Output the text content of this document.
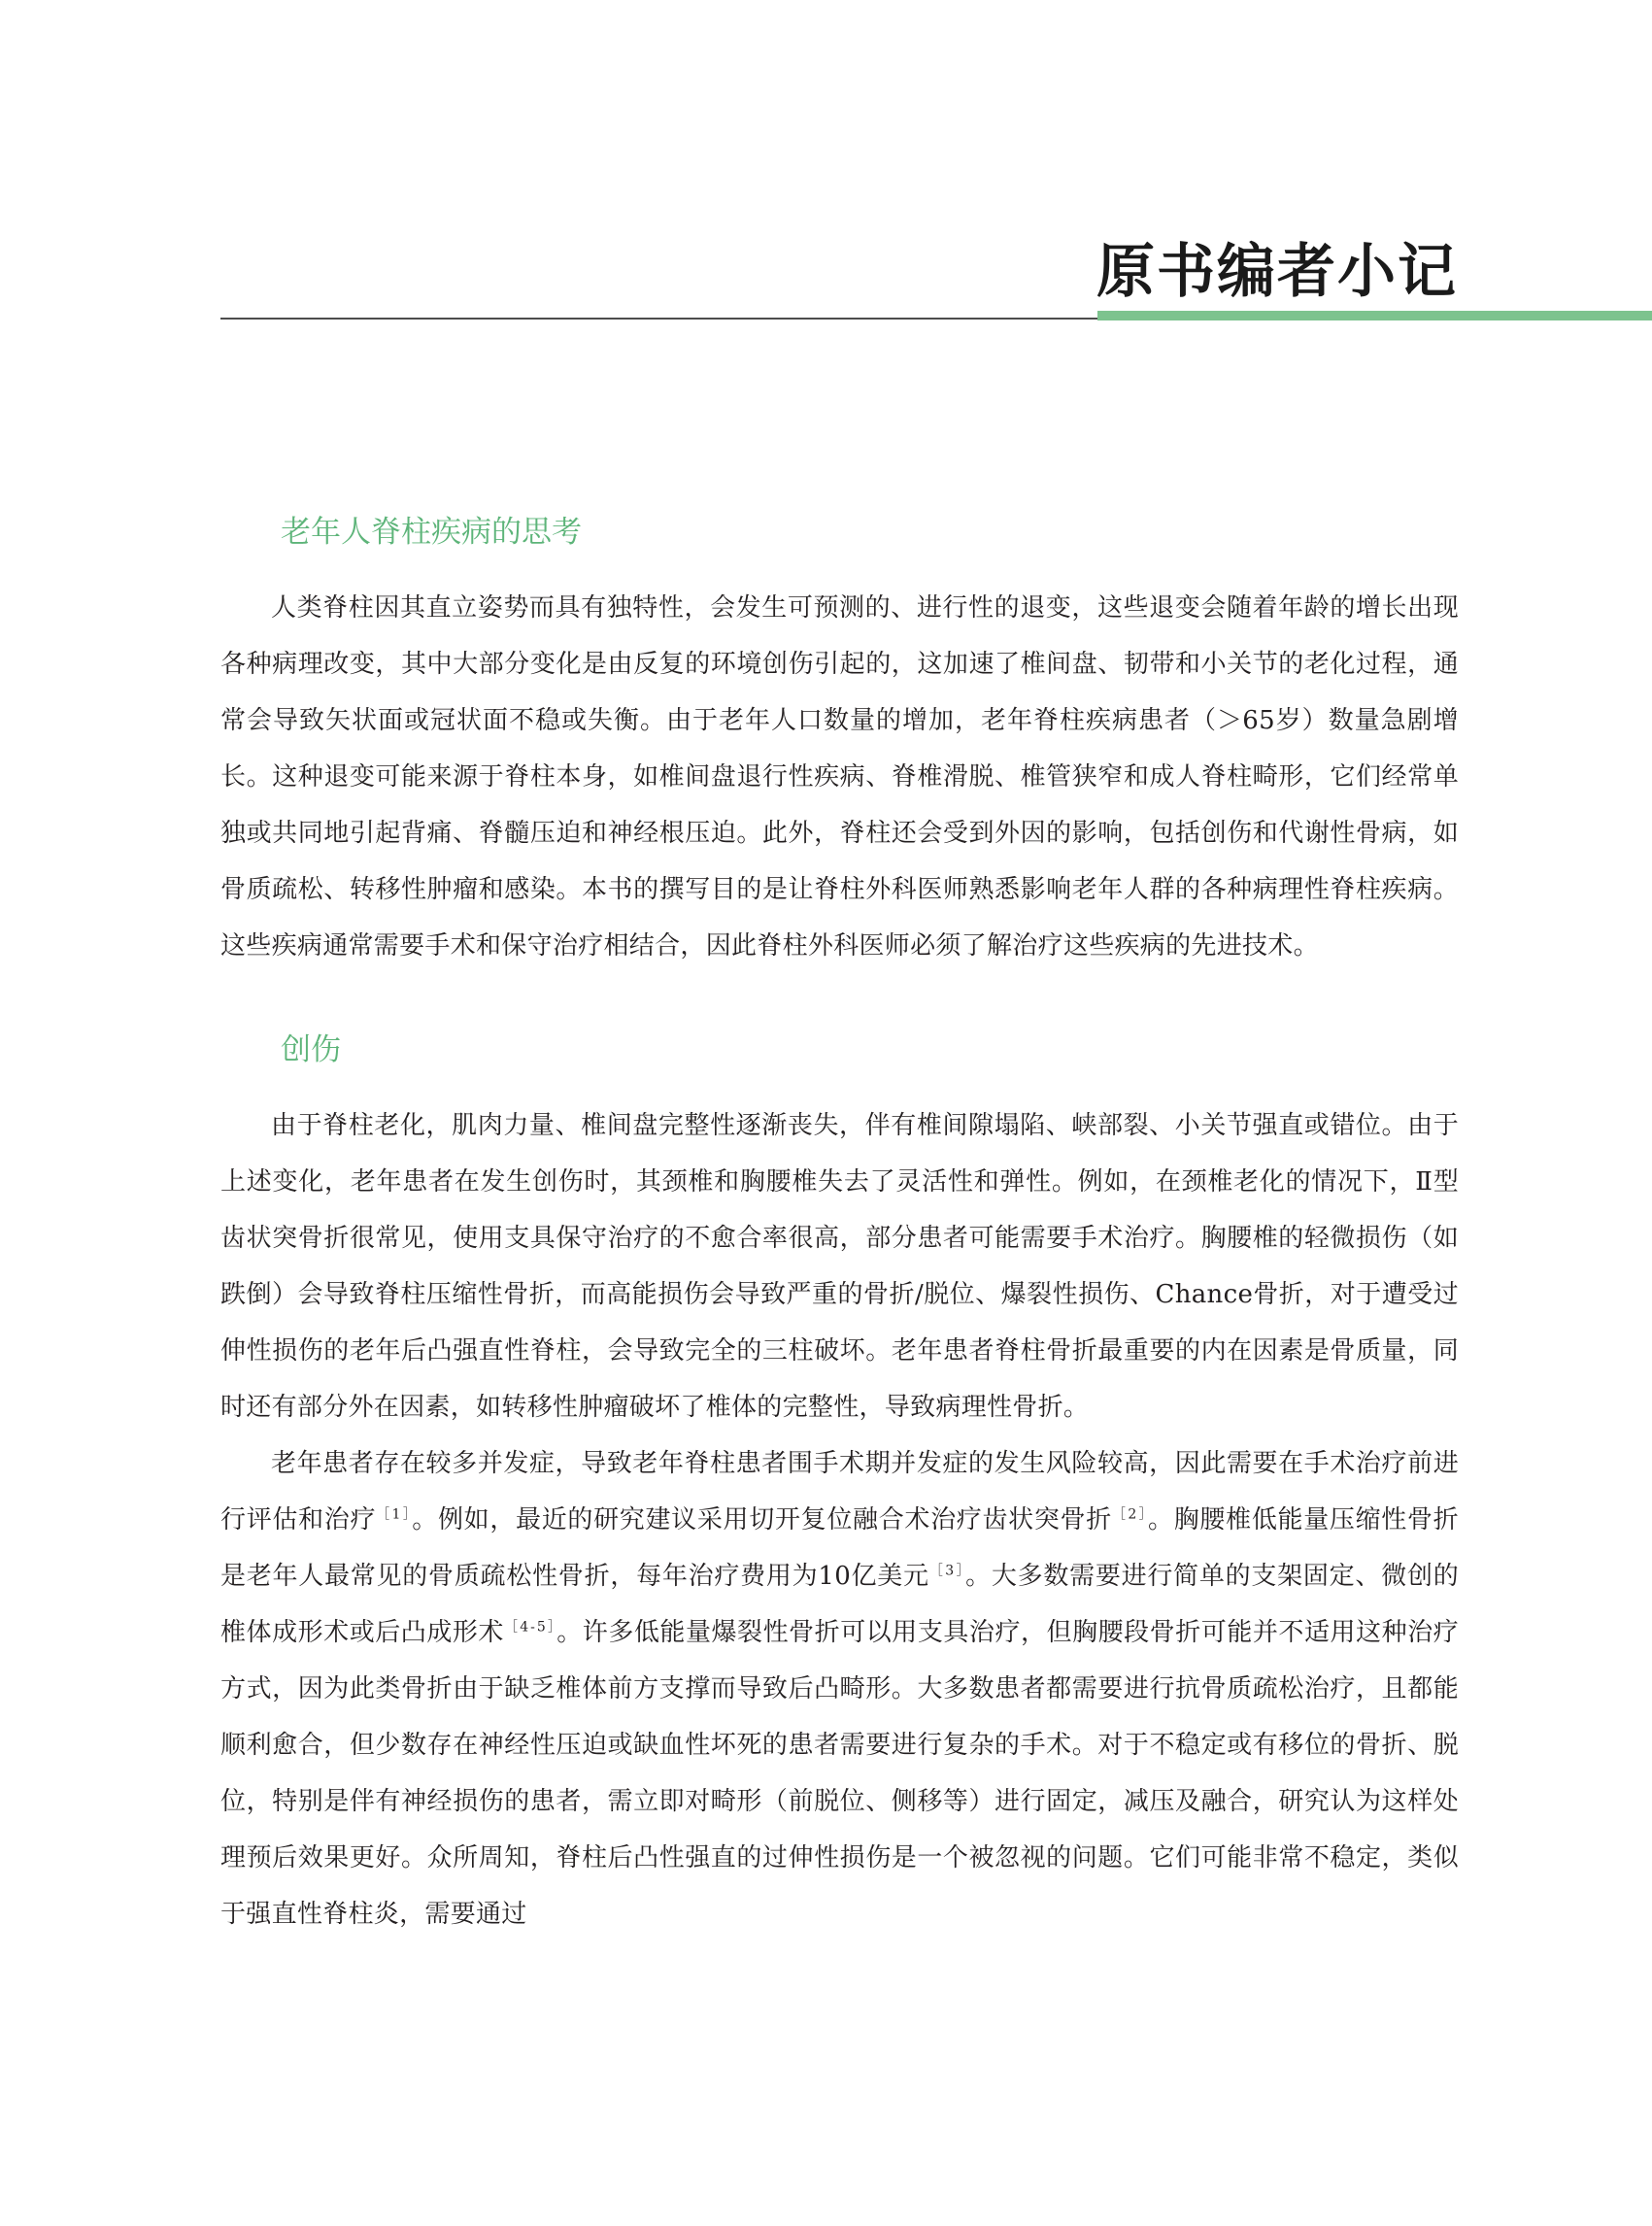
原书编者小记
老年人脊柱疾病的思考

人类脊柱因其直立姿势而具有独特性，会发生可预测的、进行性的退变，这些退变会随着年龄的增长出现各种病理改变，其中大部分变化是由反复的环境创伤引起的，这加速了椎间盘、韧带和小关节的老化过程，通常会导致矢状面或冠状面不稳或失衡。由于老年人口数量的增加，老年脊柱疾病患者（＞65岁）数量急剧增长。这种退变可能来源于脊柱本身，如椎间盘退行性疾病、脊椎滑脱、椎管狭窄和成人脊柱畸形，它们经常单独或共同地引起背痛、脊髓压迫和神经根压迫。此外，脊柱还会受到外因的影响，包括创伤和代谢性骨病，如骨质疏松、转移性肿瘤和感染。本书的撰写目的是让脊柱外科医师熟悉影响老年人群的各种病理性脊柱疾病。这些疾病通常需要手术和保守治疗相结合，因此脊柱外科医师必须了解治疗这些疾病的先进技术。

创伤

由于脊柱老化，肌肉力量、椎间盘完整性逐渐丧失，伴有椎间隙塌陷、峡部裂、小关节强直或错位。由于上述变化，老年患者在发生创伤时，其颈椎和胸腰椎失去了灵活性和弹性。例如，在颈椎老化的情况下，Ⅱ型齿状突骨折很常见，使用支具保守治疗的不愈合率很高，部分患者可能需要手术治疗。胸腰椎的轻微损伤（如跌倒）会导致脊柱压缩性骨折，而高能损伤会导致严重的骨折/脱位、爆裂性损伤、Chance骨折，对于遭受过伸性损伤的老年后凸强直性脊柱，会导致完全的三柱破坏。老年患者脊柱骨折最重要的内在因素是骨质量，同时还有部分外在因素，如转移性肿瘤破坏了椎体的完整性，导致病理性骨折。

老年患者存在较多并发症，导致老年脊柱患者围手术期并发症的发生风险较高，因此需要在手术治疗前进行评估和治疗$^{[1]}$。例如，最近的研究建议采用切开复位融合术治疗齿状突骨折$^{[2]}$。胸腰椎低能量压缩性骨折是老年人最常见的骨质疏松性骨折，每年治疗费用为10亿美元$^{[3]}$。大多数需要进行简单的支架固定、微创的椎体成形术或后凸成形术$^{[4-5]}$。许多低能量爆裂性骨折可以用支具治疗，但胸腰段骨折可能并不适用这种治疗方式，因为此类骨折由于缺乏椎体前方支撑而导致后凸畸形。大多数患者都需要进行抗骨质疏松治疗，且都能顺利愈合，但少数存在神经性压迫或缺血性坏死的患者需要进行复杂的手术。对于不稳定或有移位的骨折、脱位，特别是伴有神经损伤的患者，需立即对畸形（前脱位、侧移等）进行固定，减压及融合，研究认为这样处理预后效果更好。众所周知，脊柱后凸性强直的过伸性损伤是一个被忽视的问题。它们可能非常不稳定，类似于强直性脊柱炎，需要通过
